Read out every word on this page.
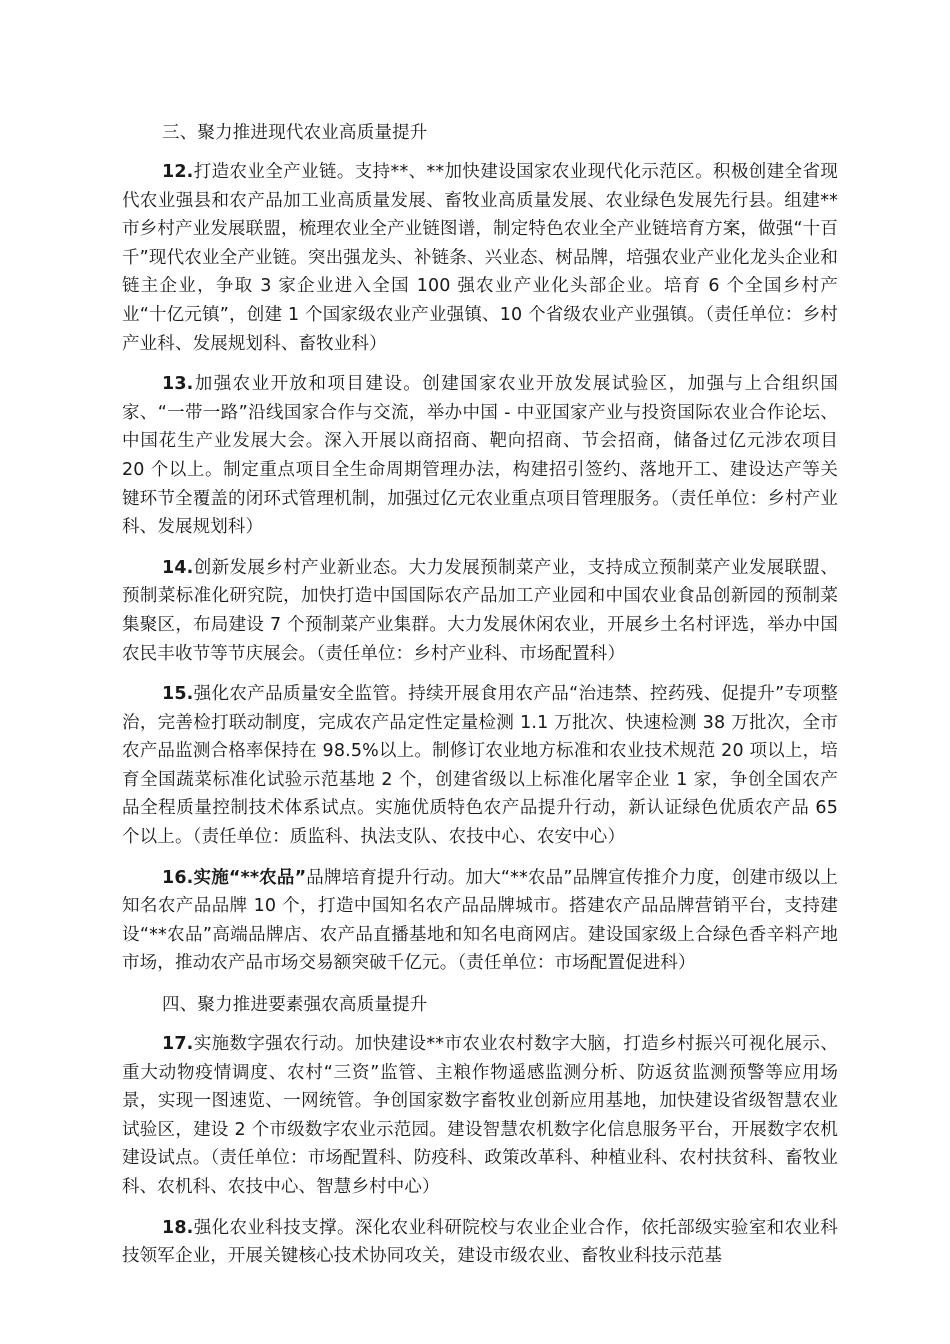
三、聚力推进现代农业高质量提升

12.打造农业全产业链。支持**、**加快建设国家农业现代化示范区。积极创建全省现代农业强县和农产品加工业高质量发展、畜牧业高质量发展、农业绿色发展先行县。组建**市乡村产业发展联盟，梳理农业全产业链图谱，制定特色农业全产业链培育方案，做强“十百千”现代农业全产业链。突出强龙头、补链条、兴业态、树品牌，培强农业产业化龙头企业和链主企业，争取 3 家企业进入全国 100 强农业产业化头部企业。培育 6 个全国乡村产业“十亿元镇”，创建 1 个国家级农业产业强镇、10 个省级农业产业强镇。（责任单位：乡村产业科、发展规划科、畜牧业科）

13.加强农业开放和项目建设。创建国家农业开放发展试验区，加强与上合组织国家、“一带一路”沿线国家合作与交流，举办中国 - 中亚国家产业与投资国际农业合作论坛、中国花生产业发展大会。深入开展以商招商、靶向招商、节会招商，储备过亿元涉农项目 20 个以上。制定重点项目全生命周期管理办法，构建招引签约、落地开工、建设达产等关键环节全覆盖的闭环式管理机制，加强过亿元农业重点项目管理服务。（责任单位：乡村产业科、发展规划科）

14.创新发展乡村产业新业态。大力发展预制菜产业，支持成立预制菜产业发展联盟、预制菜标准化研究院，加快打造中国国际农产品加工产业园和中国农业食品创新园的预制菜集聚区，布局建设 7 个预制菜产业集群。大力发展休闲农业，开展乡土名村评选，举办中国农民丰收节等节庆展会。（责任单位：乡村产业科、市场配置科）

15.强化农产品质量安全监管。持续开展食用农产品“治违禁、控药残、促提升”专项整治，完善检打联动制度，完成农产品定性定量检测 1.1 万批次、快速检测 38 万批次，全市农产品监测合格率保持在 98.5%以上。制修订农业地方标准和农业技术规范 20 项以上，培育全国蔬菜标准化试验示范基地 2 个，创建省级以上标准化屠宰企业 1 家，争创全国农产品全程质量控制技术体系试点。实施优质特色农产品提升行动，新认证绿色优质农产品 65 个以上。（责任单位：质监科、执法支队、农技中心、农安中心）

16.实施“**农品”品牌培育提升行动。加大“**农品”品牌宣传推介力度，创建市级以上知名农产品品牌 10 个，打造中国知名农产品品牌城市。搭建农产品品牌营销平台，支持建设“**农品”高端品牌店、农产品直播基地和知名电商网店。建设国家级上合绿色香辛料产地市场，推动农产品市场交易额突破千亿元。（责任单位：市场配置促进科）

四、聚力推进要素强农高质量提升

17.实施数字强农行动。加快建设**市农业农村数字大脑，打造乡村振兴可视化展示、重大动物疫情调度、农村“三资”监管、主粮作物遥感监测分析、防返贫监测预警等应用场景，实现一图速览、一网统管。争创国家数字畜牧业创新应用基地，加快建设省级智慧农业试验区，建设 2 个市级数字农业示范园。建设智慧农机数字化信息服务平台，开展数字农机建设试点。（责任单位：市场配置科、防疫科、政策改革科、种植业科、农村扶贫科、畜牧业科、农机科、农技中心、智慧乡村中心）

18.强化农业科技支撑。深化农业科研院校与农业企业合作，依托部级实验室和农业科技领军企业，开展关键核心技术协同攻关，建设市级农业、畜牧业科技示范基
